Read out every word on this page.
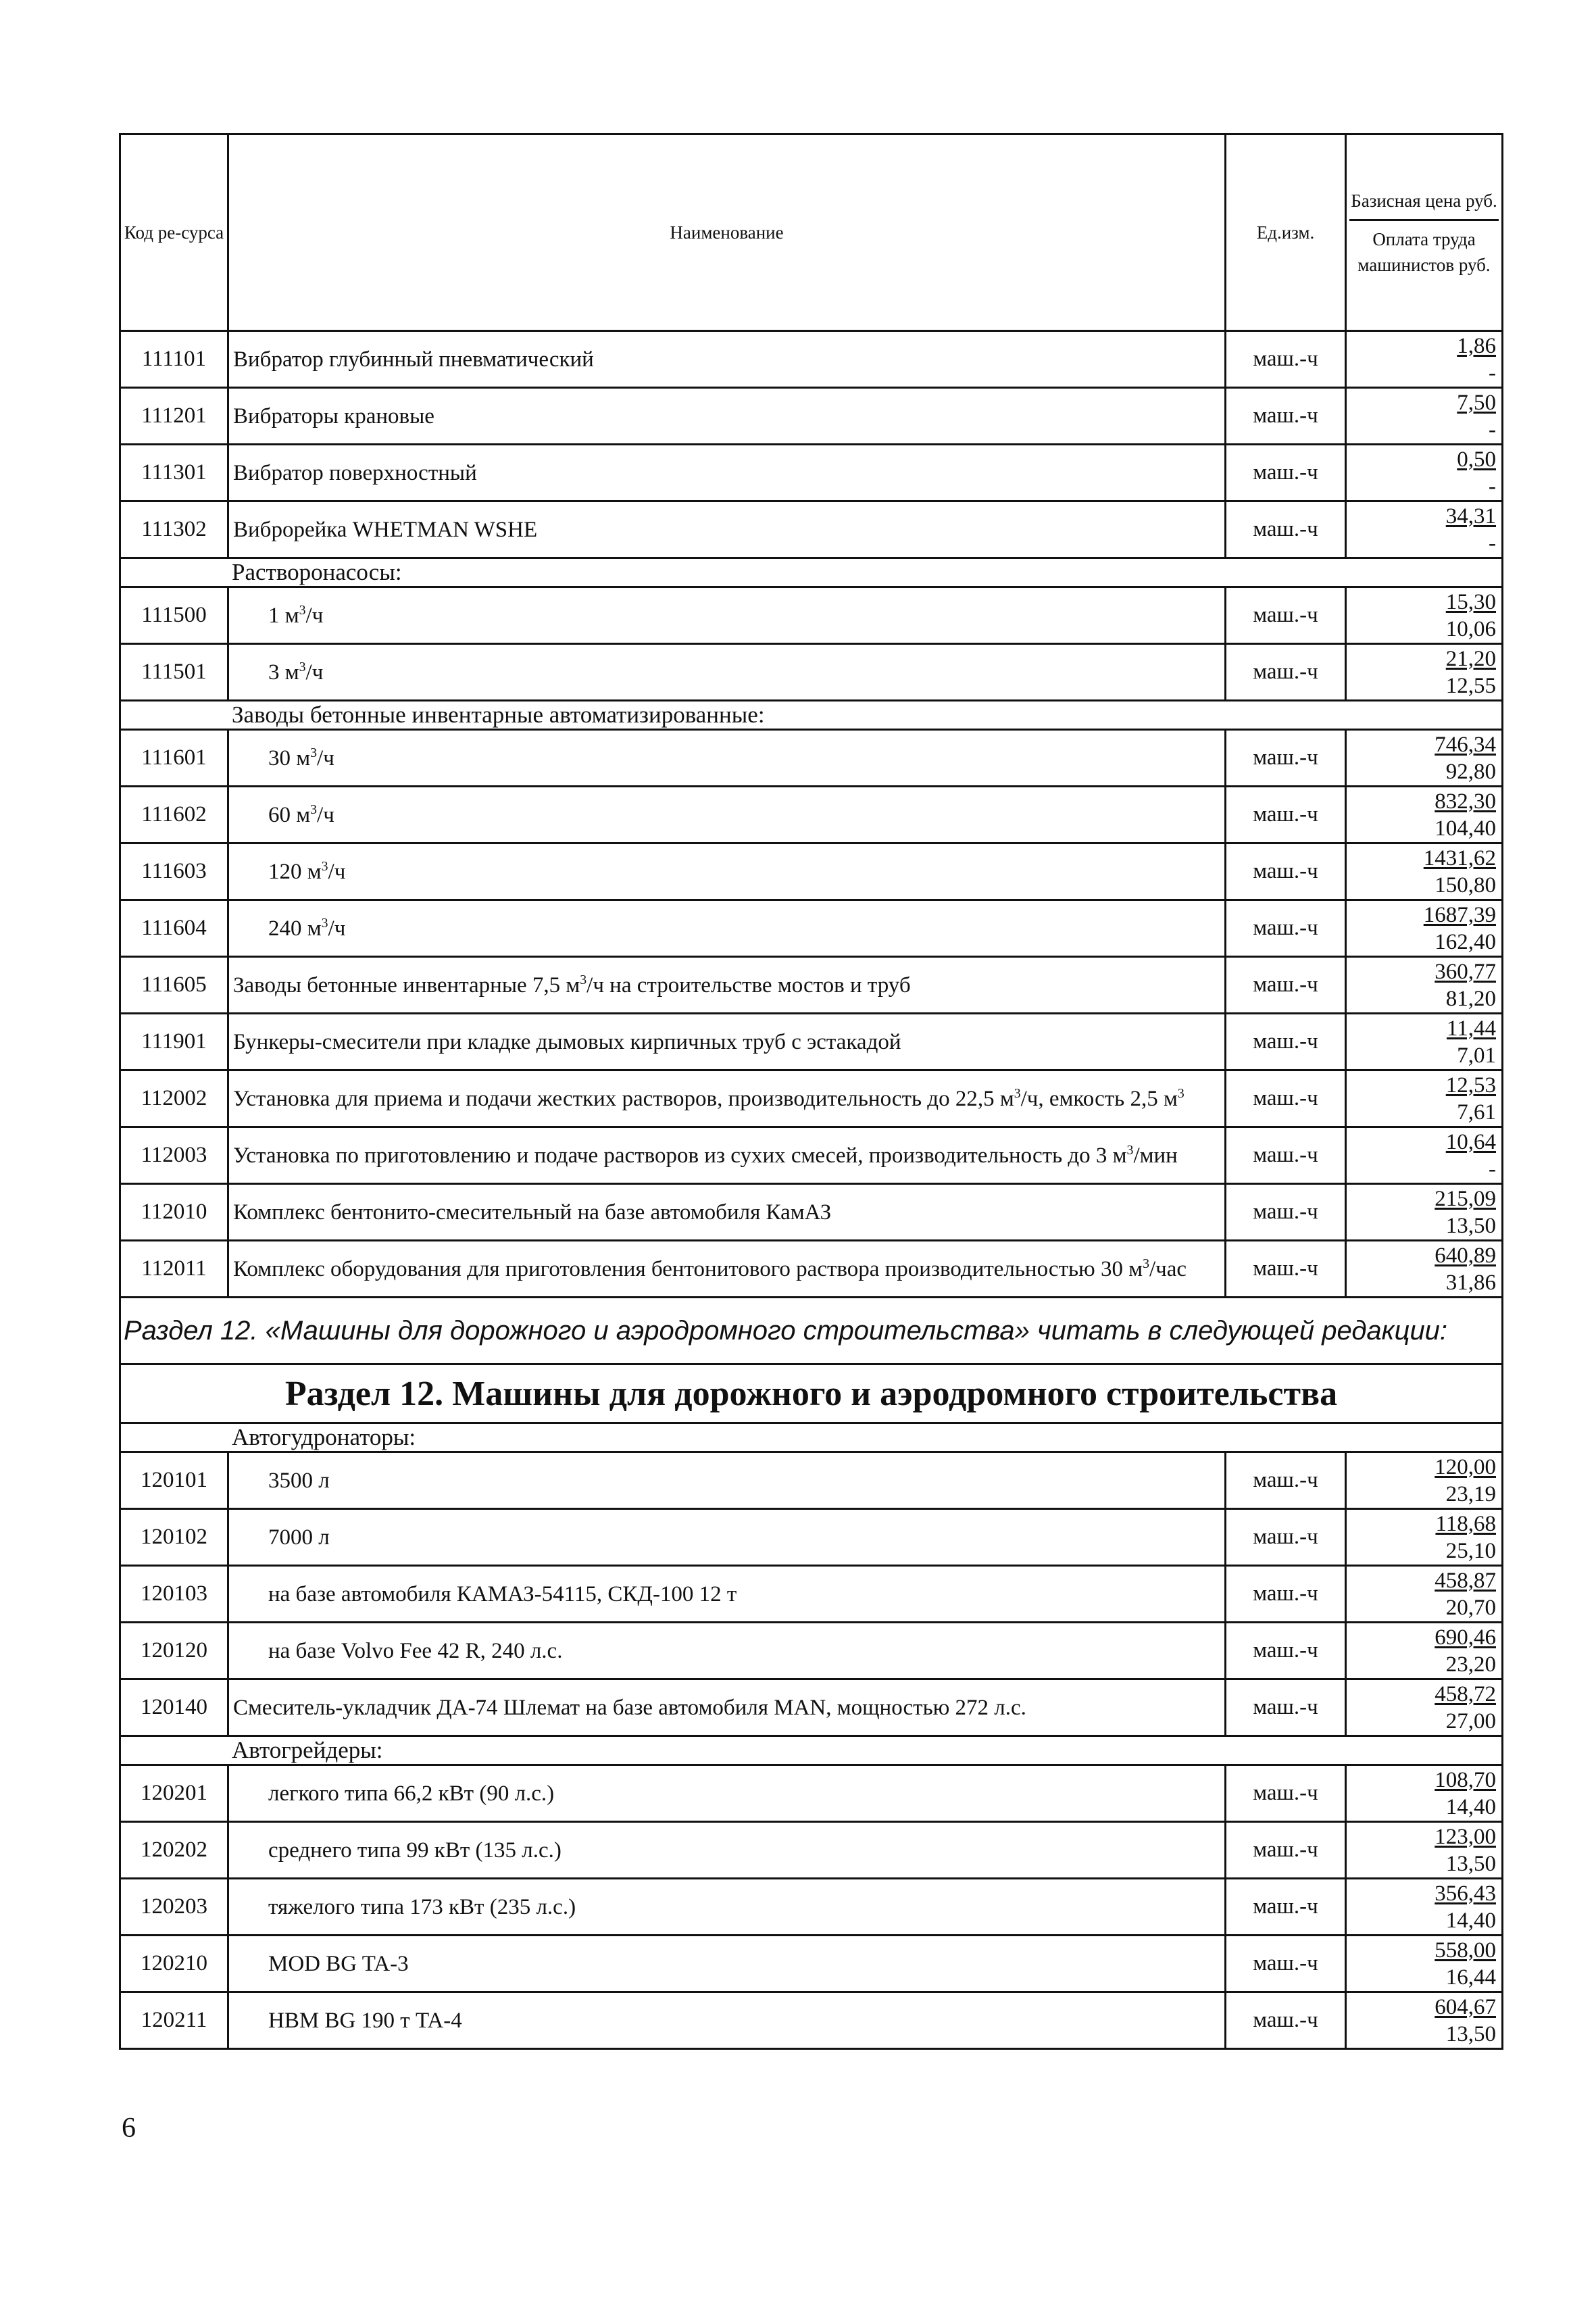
Код ре-сурса	Наименование	Ед.изм.	Базисная цена руб.
Оплата труда машинистов руб.

111101	Вибратор глубинный пневматический	маш.-ч	1,86
-

111201	Вибраторы крановые	маш.-ч	7,50
-

111301	Вибратор поверхностный	маш.-ч	0,50
-

111302	Виброрейка WHETMAN WSHE	маш.-ч	34,31
-

Растворонасосы:			
111500	1 $м^3/ч$	маш.-ч	15,30
10,06

111501	3 $м^3/ч$	маш.-ч	21,20
12,55

Заводы бетонные инвентарные автоматизированные:			
111601	30 $м^3/ч$	маш.-ч	746,34
92,80

111602	60 $м^3/ч$	маш.-ч	832,30
104,40

111603	120 $м^3/ч$	маш.-ч	1431,62
150,80

111604	240 $м^3/ч$	маш.-ч	1687,39
162,40

111605	Заводы бетонные инвентарные 7,5 $м^3/ч$ на строительстве мостов и труб	маш.-ч	360,77
81,20

111901	Бункеры-смесители при кладке дымовых кирпичных труб с эстакадой	маш.-ч	11,44
7,01

112002	Установка для приема и подачи жестких растворов, производительность до 22,5 $м^3/ч$, емкость 2,5 $м^3$	маш.-ч	12,53
7,61

112003	Установка по приготовлению и подаче растворов из сухих смесей, производительность до 3 $м^3$/мин	маш.-ч	10,64
-

112010	Комплекс бентонито-смесительный на базе автомобиля КамАЗ	маш.-ч	215,09
13,50

112011	Комплекс оборудования для приготовления бентонитового раствора производительностью 30 $м^3$/час	маш.-ч	640,89
31,86

Раздел 12. «Машины для дорожного и аэродромного строительства» читать в следующей редакции:			
Раздел 12. Машины для дорожного и аэродромного строительства			
Автогудронаторы:			
120101	3500 л	маш.-ч	120,00
23,19

120102	7000 л	маш.-ч	118,68
25,10

120103	на базе автомобиля КАМАЗ-54115, СКД-100 12 т	маш.-ч	458,87
20,70

120120	на базе Volvo Fee 42 R, 240 л.с.	маш.-ч	690,46
23,20

120140	Смеситель-укладчик ДА-74 Шлемат на базе автомобиля MAN, мощностью 272 л.с.	маш.-ч	458,72
27,00

Автогрейдеры:			
120201	легкого типа 66,2 кВт (90 л.с.)	маш.-ч	108,70
14,40

120202	среднего типа 99 кВт (135 л.с.)	маш.-ч	123,00
13,50

120203	тяжелого типа 173 кВт (235 л.с.)	маш.-ч	356,43
14,40

120210	MOD BG TA-3	маш.-ч	558,00
16,44

120211	HBM BG 190 т TA-4	маш.-ч	604,67
13,50
6
